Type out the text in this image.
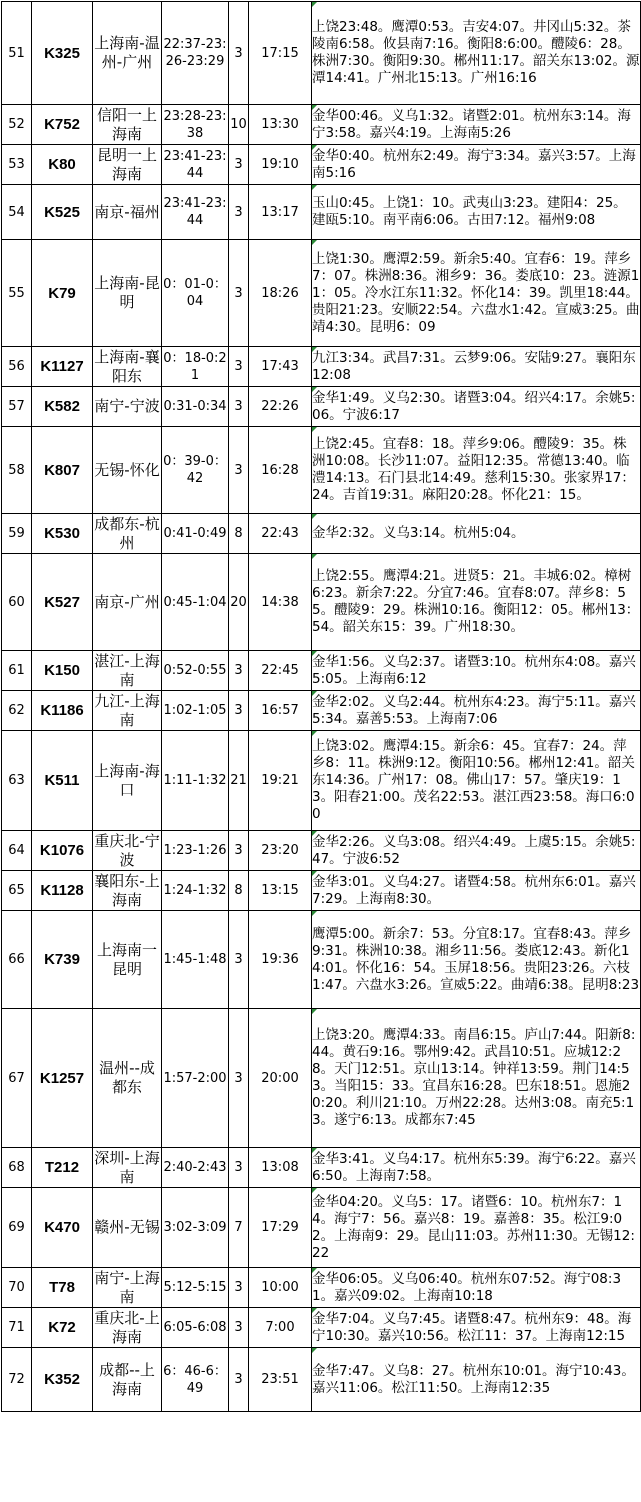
51	K325	上海南-温州-广州	22:37-23:26-23:29	3	17:15	上饶23:48。鹰潭0:53。吉安4:07。井冈山5:32。茶陵南6:58。攸县南7:16。衡阳8:6:00。醴陵6：28。株洲7:30。衡阳9:30。郴州11:17。韶关东13:02。源潭14:41。广州北15:13。广州16:16
52	K752	信阳一上海南	23:28-23:38	10	13:30	金华00:46。义乌1:32。诸暨2:01。杭州东3:14。海宁3:58。嘉兴4:19。上海南5:26
53	K80	昆明一上海南	23:41-23:44	3	19:10	金华0:40。杭州东2:49。海宁3:34。嘉兴3:57。上海南5:16
54	K525	南京-福州	23:41-23:44	3	13:17	玉山0:45。上饶1：10。武夷山3:23。建阳4：25。建瓯5:10。南平南6:06。古田7:12。福州9:08
55	K79	上海南-昆明	0：01-0：04	3	18:26	上饶1:30。鹰潭2:59。新余5:40。宜春6：19。萍乡7：07。株洲8:36。湘乡9：36。娄底10：23。涟源11：05。冷水江东11:32。怀化14：39。凯里18:44。贵阳21:23。安顺22:54。六盘水1:42。宣威3:25。曲靖4:30。昆明6：09
56	K1127	上海南-襄阳东	0：18-0:21	3	17:43	九江3:34。武昌7:31。云梦9:06。安陆9:27。襄阳东12:08
57	K582	南宁-宁波	0:31-0:34	3	22:26	金华1:49。义乌2:30。诸暨3:04。绍兴4:17。余姚5:06。宁波6:17
58	K807	无锡-怀化	0：39-0：42	3	16:28	上饶2:45。宜春8：18。萍乡9:06。醴陵9：35。株洲10:08。长沙11:07。益阳12:35。常德13:40。临澧14:13。石门县北14:49。慈利15:30。张家界17：24。吉首19:31。麻阳20:28。怀化21：15。
59	K530	成都东-杭州	0:41-0:49	8	22:43	金华2:32。义乌3:14。杭州5:04。
60	K527	南京-广州	0:45-1:04	20	14:38	上饶2:55。鹰潭4:21。进贤5：21。丰城6:02。樟树6:23。新余7:22。分宜7:46。宜春8:07。萍乡8：55。醴陵9：29。株洲10:16。衡阳12：05。郴州13：54。韶关东15：39。广州18:30。
61	K150	湛江-上海南	0:52-0:55	3	22:45	金华1:56。义乌2:37。诸暨3:10。杭州东4:08。嘉兴5:05。上海南6:12
62	K1186	九江-上海南	1:02-1:05	3	16:57	金华2:02。义乌2:44。杭州东4:23。海宁5:11。嘉兴5:34。嘉善5:53。上海南7:06
63	K511	上海南-海口	1:11-1:32	21	19:21	上饶3:02。鹰潭4:15。新余6：45。宜春7：24。萍乡8：11。株洲9:12。衡阳10:56。郴州12:41。韶关东14:36。广州17：08。佛山17：57。肇庆19：13。阳春21:00。茂名22:53。湛江西23:58。海口6:00
64	K1076	重庆北-宁波	1:23-1:26	3	23:20	金华2:26。义乌3:08。绍兴4:49。上虞5:15。余姚5:47。宁波6:52
65	K1128	襄阳东-上海南	1:24-1:32	8	13:15	金华3:01。义乌4:27。诸暨4:58。杭州东6:01。嘉兴7:29。上海南8:30。
66	K739	上海南一昆明	1:45-1:48	3	19:36	鹰潭5:00。新余7：53。分宜8:17。宜春8:43。萍乡9:31。株洲10:38。湘乡11:56。娄底12:43。新化14:01。怀化16：54。玉屏18:56。贵阳23:26。六枝1:47。六盘水3:26。宣威5:22。曲靖6:38。昆明8:23
67	K1257	温州--成都东	1:57-2:00	3	20:00	上饶3:20。鹰潭4:33。南昌6:15。庐山7:44。阳新8:44。黄石9:16。鄂州9:42。武昌10:51。应城12:28。天门12:51。京山13:14。钟祥13:59。荆门14:53。当阳15：33。宜昌东16:28。巴东18:51。恩施20:20。利川21:10。万州22:28。达州3:08。南充5:13。遂宁6:13。成都东7:45
68	T212	深圳-上海南	2:40-2:43	3	13:08	金华3:41。义乌4:17。杭州东5:39。海宁6:22。嘉兴6:50。上海南7:58。
69	K470	赣州-无锡	3:02-3:09	7	17:29	金华04:20。义乌5：17。诸暨6：10。杭州东7：14。海宁7：56。嘉兴8：19。嘉善8：35。松江9:02。上海南9：29。昆山11:03。苏州11:30。无锡12:22
70	T78	南宁-上海南	5:12-5:15	3	10:00	金华06:05。义乌06:40。杭州东07:52。海宁08:31。嘉兴09:02。上海南10:18
71	K72	重庆北-上海南	6:05-6:08	3	7:00	金华7:04。义乌7:45。诸暨8:47。杭州东9：48。海宁10:30。嘉兴10:56。松江11：37。上海南12:15
72	K352	成都--上海南	6：46-6：49	3	23:51	金华7:47。义乌8：27。杭州东10:01。海宁10:43。嘉兴11:06。松江11:50。上海南12:35
